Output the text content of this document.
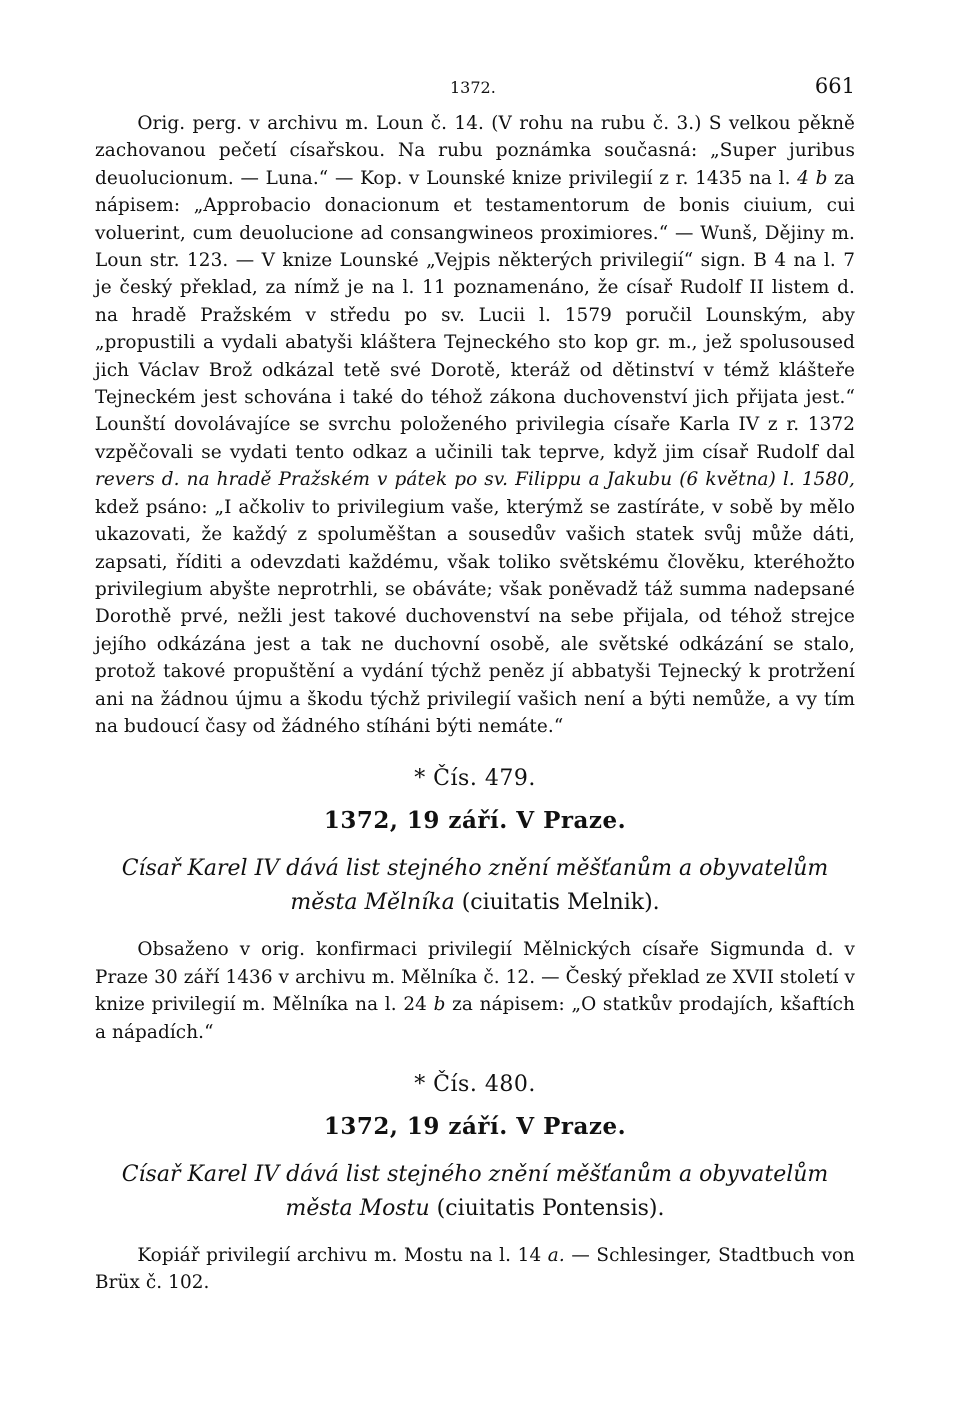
1372.	661

Orig. perg. v archivu m. Loun č. 14. (V rohu na rubu č. 3.) S velkou pěkně zachovanou pečetí císařskou. Na rubu poznámka současná: „Super juribus deuolucionum. — Luna.“ — Kop. v Lounské knize privilegií z r. 1435 na l. 4 b za nápisem: „Approbacio donacionum et testamentorum de bonis ciuium, cui voluerint, cum deuolucione ad consangwineos proximiores.“ — Wunš, Dějiny m. Loun str. 123. — V knize Lounské „Vejpis některých privilegií“ sign. B 4 na l. 7 je český překlad, za nímž je na l. 11 poznamenáno, že císař Rudolf II listem d. na hradě Pražském v středu po sv. Lucii l. 1579 poručil Lounským, aby „propustili a vydali abatyši kláštera Tejneckého sto kop gr. m., jež spolusoused jich Václav Brož odkázal tetě své Dorotě, kteráž od dětinství v témž klášteře Tejneckém jest schována i také do téhož zákona duchovenství jich přijata jest.“ Lounští dovolávajíce se svrchu položeného privilegia císaře Karla IV z r. 1372 vzpěčovali se vydati tento odkaz a učinili tak teprve, když jim císař Rudolf dal revers d. na hradě Pražském v pátek po sv. Filippu a Jakubu (6 května) l. 1580, kdež psáno: „I ačkoliv to privilegium vaše, kterýmž se zastíráte, v sobě by mělo ukazovati, že každý z spoluměštan a sousedův vašich statek svůj může dáti, zapsati, říditi a odevzdati každému, však toliko světskému člověku, kteréhožto privilegium abyšte neprotrhli, se obáváte; však poněvadž táž summa nadepsané Dorothě prvé, nežli jest takové duchovenství na sebe přijala, od téhož strejce jejího odkázána jest a tak ne duchovní osobě, ale světské odkázání se stalo, protož takové propuštění a vydání týchž peněz jí abbatyši Tejnecký k protržení ani na žádnou újmu a škodu týchž privilegií vašich není a býti nemůže, a vy tím na budoucí časy od žádného stíháni býti nemáte.“

* Čís. 479.
1372, 19 září. V Praze.
Císař Karel IV dává list stejného znění měšťanům a obyvatelům města Mělníka (ciuitatis Melnik).

Obsaženo v orig. konfirmaci privilegií Mělnických císaře Sigmunda d. v Praze 30 září 1436 v archivu m. Mělníka č. 12. — Český překlad ze XVII století v knize privilegií m. Mělníka na l. 24 b za nápisem: „O statkův prodajích, kšaftích a nápadích.“

* Čís. 480.
1372, 19 září. V Praze.
Císař Karel IV dává list stejného znění měšťanům a obyvatelům města Mostu (ciuitatis Pontensis).

Kopiář privilegií archivu m. Mostu na l. 14 a. — Schlesinger, Stadtbuch von Brüx č. 102.
